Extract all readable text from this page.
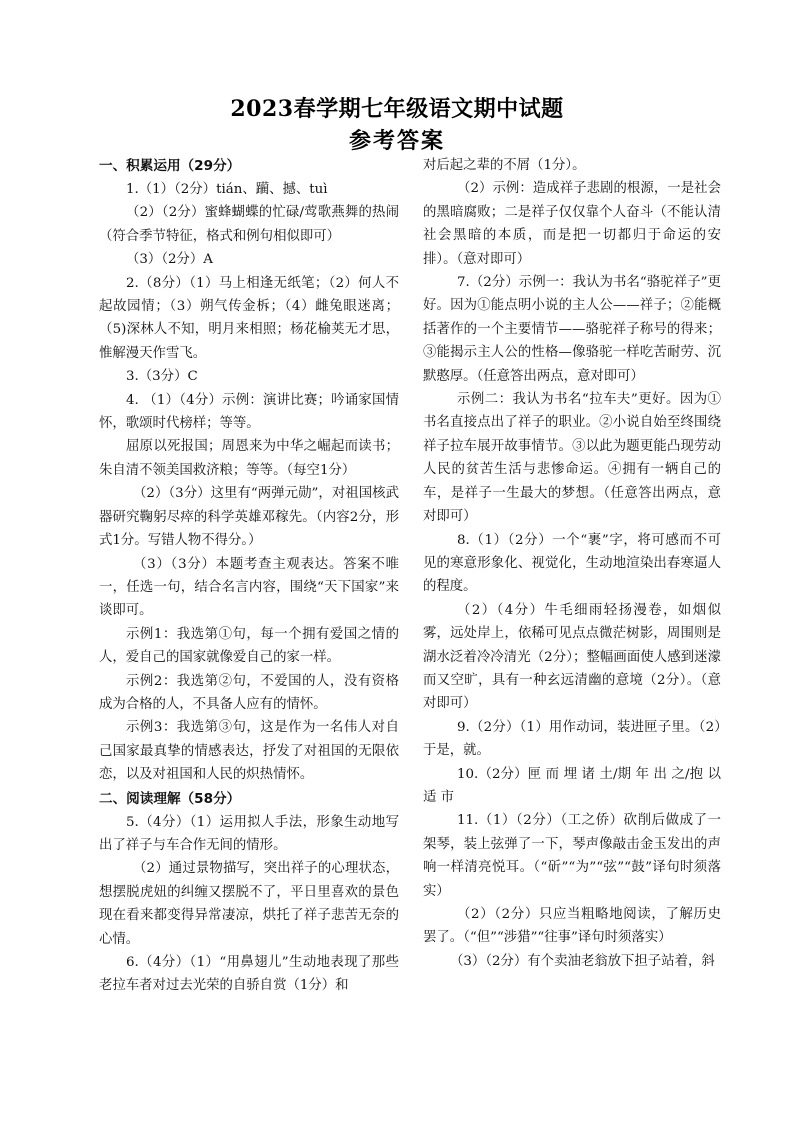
2023春学期七年级语文期中试题
参考答案

一、积累运用（29分）

1.（1）（2分）tián、躏、撼、tuì

（2）（2分）蜜蜂蝴蝶的忙碌/莺歌燕舞的热闹（符合季节特征，格式和例句相似即可）

（3）（2分）A

2.（8分）（1）马上相逢无纸笔；（2）何人不起故园情；（3）朔气传金柝；（4）雌兔眼迷离；（5)深林人不知，明月来相照；杨花榆荚无才思，惟解漫天作雪飞。

3.（3分）C

4. （1）（4分）示例：演讲比赛；吟诵家国情怀，歌颂时代榜样；等等。

屈原以死报国；周恩来为中华之崛起而读书；朱自清不领美国救济粮；等等。（每空1分）

（2）（3分）这里有“两弹元勋”，对祖国核武器研究鞠躬尽瘁的科学英雄邓稼先。（内容2分，形式1分。写错人物不得分。）

（3）（3分）本题考查主观表达。答案不唯一，任选一句，结合名言内容，围绕“天下国家”来谈即可。

示例1：我选第①句，每一个拥有爱国之情的人，爱自己的国家就像爱自己的家一样。

示例2：我选第②句，不爱国的人，没有资格成为合格的人，不具备人应有的情怀。

示例3：我选第③句，这是作为一名伟人对自己国家最真挚的情感表达，抒发了对祖国的无限依恋，以及对祖国和人民的炽热情怀。

二、阅读理解（58分）

5.（4分）（1）运用拟人手法，形象生动地写出了祥子与车合作无间的情形。

（2）通过景物描写，突出祥子的心理状态，想摆脱虎妞的纠缠又摆脱不了，平日里喜欢的景色现在看来都变得异常凄凉，烘托了祥子悲苦无奈的心情。

6.（4分）（1）“用鼻翅儿”生动地表现了那些老拉车者对过去光荣的自骄自赏（1分）和

对后起之辈的不屑（1分）。

（2）示例：造成祥子悲剧的根源，一是社会的黑暗腐败；二是祥子仅仅靠个人奋斗（不能认清社会黑暗的本质，而是把一切都归于命运的安排）。（意对即可）

7.（2分）示例一：我认为书名“骆驼祥子”更好。因为①能点明小说的主人公——祥子；②能概括著作的一个主要情节——骆驼祥子称号的得来；③能揭示主人公的性格—像骆驼一样吃苦耐劳、沉默憨厚。（任意答出两点，意对即可）

示例二：我认为书名“拉车夫”更好。因为①书名直接点出了祥子的职业。②小说自始至终围绕祥子拉车展开故事情节。③以此为题更能凸现劳动人民的贫苦生活与悲惨命运。④拥有一辆自己的车，是祥子一生最大的梦想。（任意答出两点，意对即可）

8.（1）（2分）一个“裹”字，将可感而不可见的寒意形象化、视觉化，生动地渲染出春寒逼人的程度。

（2）（4分）牛毛细雨轻扬漫卷，如烟似雾，远处岸上，依稀可见点点微茫树影，周围则是湖水泛着冷冷清光（2分）；整幅画面使人感到迷濛而又空旷，具有一种玄远清幽的意境（2分）。（意对即可）

9.（2分）（1）用作动词，装进匣子里。（2）于是，就。

10.（2分）匣 而 埋 诸 土/期 年 出 之/抱 以 适 市

11.（1）（2分）（工之侨）砍削后做成了一架琴，装上弦弹了一下，琴声像敲击金玉发出的声响一样清亮悦耳。（“斫”“为”“弦”“鼓”译句时须落实）

（2）（2分）只应当粗略地阅读，了解历史罢了。（“但”“涉猎”“往事”译句时须落实）

（3）（2分）有个卖油老翁放下担子站着，斜
